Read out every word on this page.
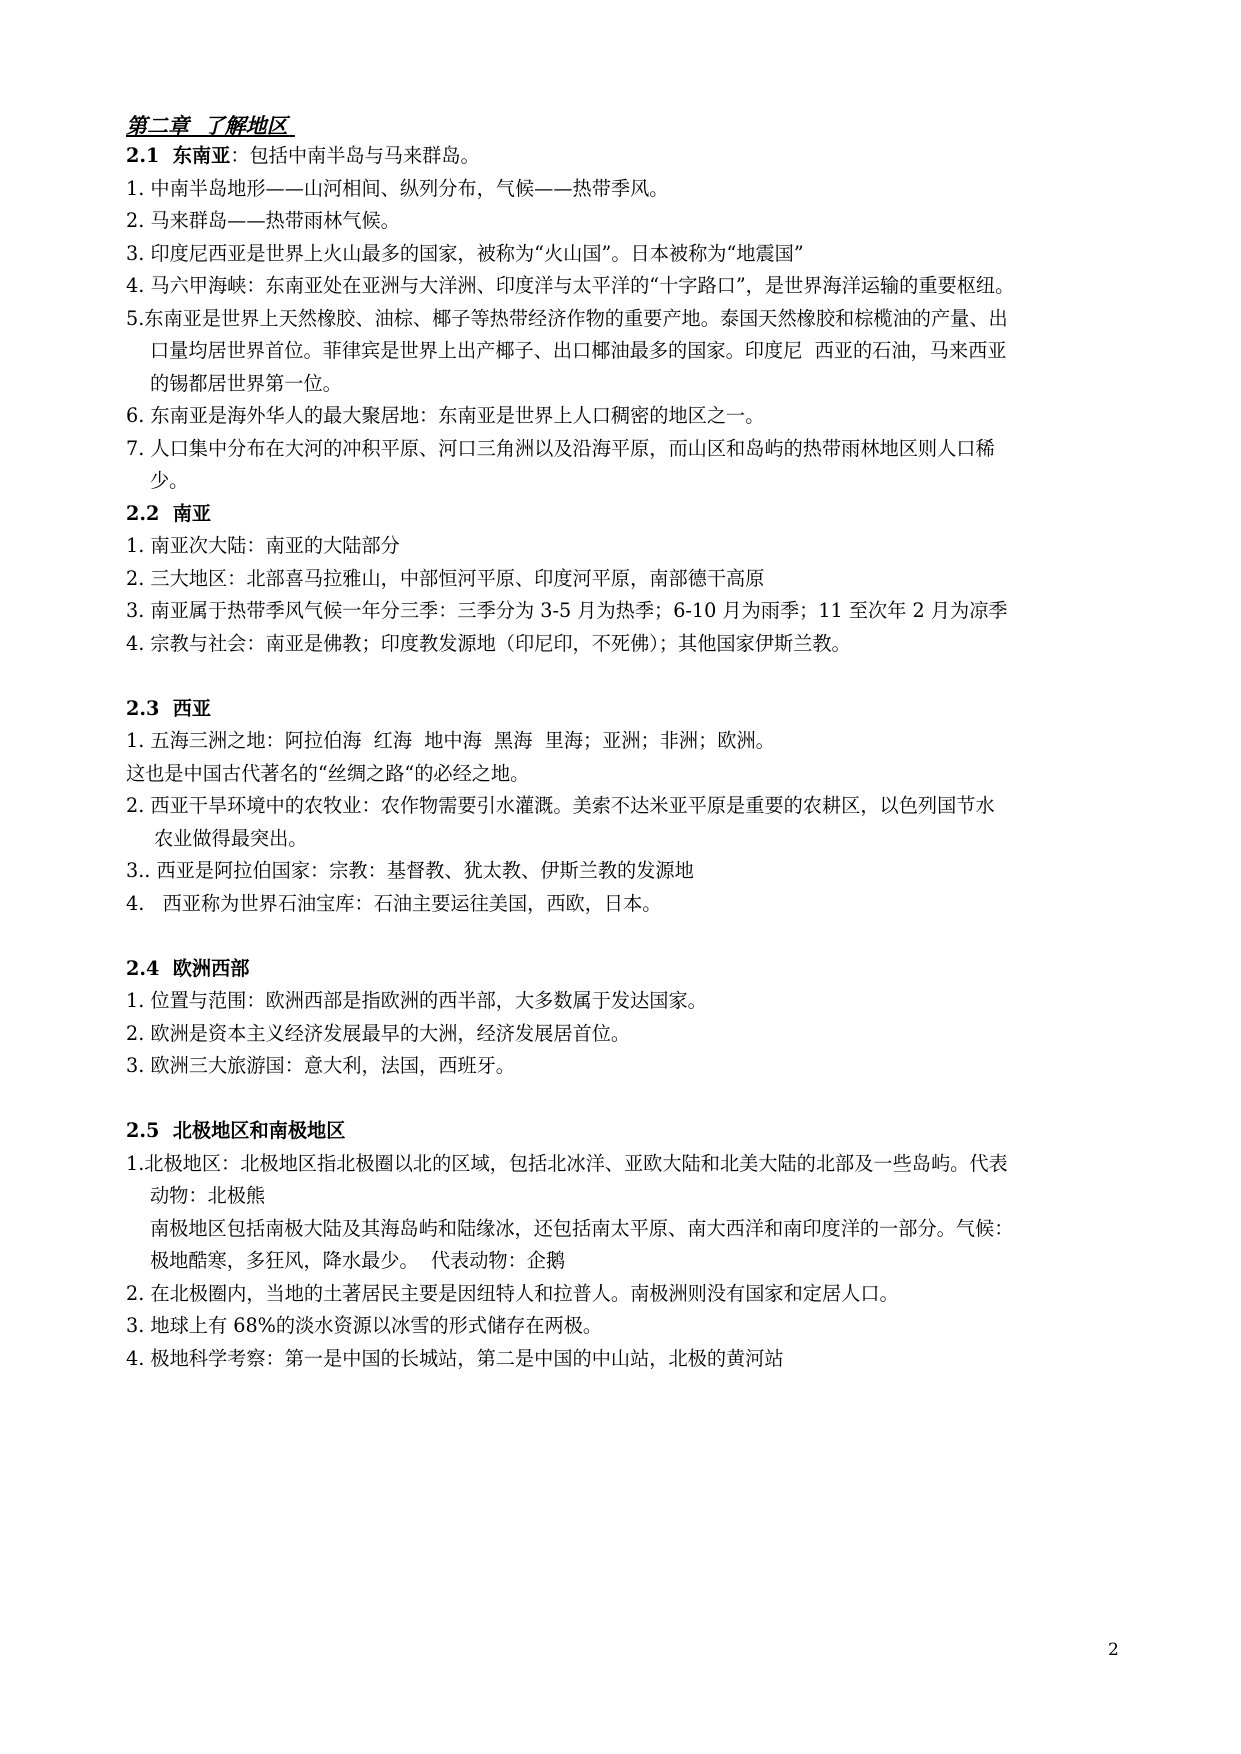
第二章  了解地区
2.1  东南亚：包括中南半岛与马来群岛。
1. 中南半岛地形——山河相间、纵列分布，气候——热带季风。
2. 马来群岛——热带雨林气候。
3. 印度尼西亚是世界上火山最多的国家，被称为“火山国”。日本被称为“地震国”
4. 马六甲海峡：东南亚处在亚洲与大洋洲、印度洋与太平洋的“十字路口”，是世界海洋运输的重要枢纽。
5.东南亚是世界上天然橡胶、油棕、椰子等热带经济作物的重要产地。泰国天然橡胶和棕榄油的产量、出
口量均居世界首位。菲律宾是世界上出产椰子、出口椰油最多的国家。印度尼  西亚的石油，马来西亚
的锡都居世界第一位。
6. 东南亚是海外华人的最大聚居地：东南亚是世界上人口稠密的地区之一。
7. 人口集中分布在大河的冲积平原、河口三角洲以及沿海平原，而山区和岛屿的热带雨林地区则人口稀
少。
2.2  南亚
1. 南亚次大陆：南亚的大陆部分
2. 三大地区：北部喜马拉雅山，中部恒河平原、印度河平原，南部德干高原
3. 南亚属于热带季风气候一年分三季：三季分为 3-5 月为热季；6-10 月为雨季；11 至次年 2 月为凉季
4. 宗教与社会：南亚是佛教；印度教发源地（印尼印，不死佛）；其他国家伊斯兰教。
2.3  西亚
1. 五海三洲之地：阿拉伯海  红海  地中海  黑海  里海；亚洲；非洲；欧洲。
这也是中国古代著名的“丝绸之路“的必经之地。
2. 西亚干旱环境中的农牧业：农作物需要引水灌溉。美索不达米亚平原是重要的农耕区，以色列国节水
农业做得最突出。
3.. 西亚是阿拉伯国家：宗教：基督教、犹太教、伊斯兰教的发源地
4.   西亚称为世界石油宝库：石油主要运往美国，西欧，日本。
2.4  欧洲西部
1. 位置与范围：欧洲西部是指欧洲的西半部，大多数属于发达国家。
2. 欧洲是资本主义经济发展最早的大洲，经济发展居首位。
3. 欧洲三大旅游国：意大利，法国，西班牙。
2.5  北极地区和南极地区
1.北极地区：北极地区指北极圈以北的区域，包括北冰洋、亚欧大陆和北美大陆的北部及一些岛屿。代表
动物：北极熊
南极地区包括南极大陆及其海岛屿和陆缘冰，还包括南太平原、南大西洋和南印度洋的一部分。气候：
极地酷寒，多狂风，降水最少。  代表动物：企鹅
2. 在北极圈内，当地的土著居民主要是因纽特人和拉普人。南极洲则没有国家和定居人口。
3. 地球上有 68%的淡水资源以冰雪的形式储存在两极。
4. 极地科学考察：第一是中国的长城站，第二是中国的中山站，北极的黄河站
2
